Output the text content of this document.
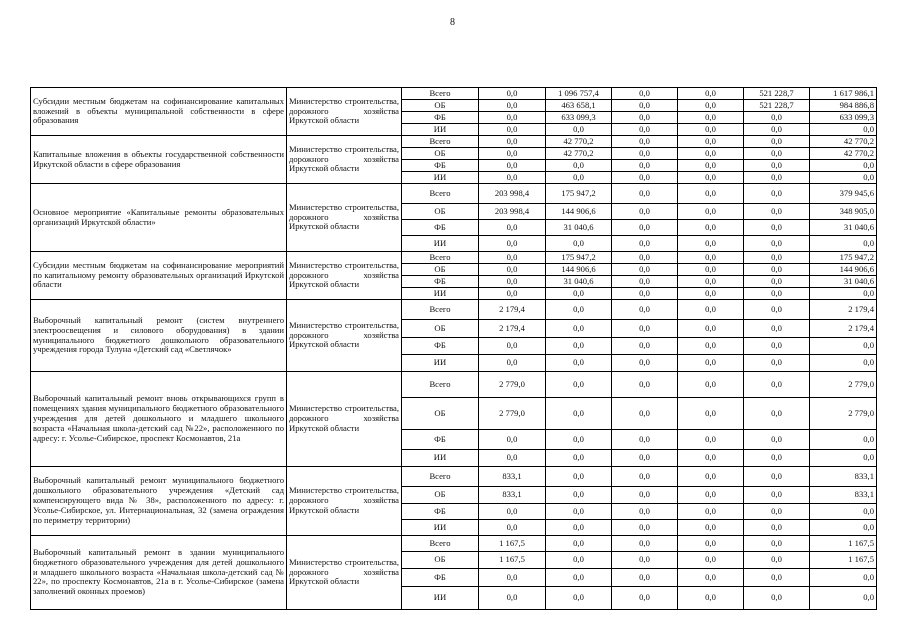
8
Субсидии местным бюджетам на софинансирование капитальных вложений в объекты муниципальной собственности в сфере образования	Министерство строительства, дорожного хозяйства Иркутской области	Всего	0,0	1 096 757,4	0,0	0,0	521 228,7	1 617 986,1
		ОБ	0,0	463 658,1	0,0	0,0	521 228,7	984 886,8
		ФБ	0,0	633 099,3	0,0	0,0	0,0	633 099,3
		ИИ	0,0	0,0	0,0	0,0	0,0	0,0
Капитальные вложения в объекты государственной собственности Иркутской области в сфере образования	Министерство строительства, дорожного хозяйства Иркутской области	Всего	0,0	42 770,2	0,0	0,0	0,0	42 770,2
		ОБ	0,0	42 770,2	0,0	0,0	0,0	42 770,2
		ФБ	0,0	0,0	0,0	0,0	0,0	0,0
		ИИ	0,0	0,0	0,0	0,0	0,0	0,0
Основное мероприятие «Капитальные ремонты образовательных организаций Иркутской области»	Министерство строительства, дорожного хозяйства Иркутской области	Всего	203 998,4	175 947,2	0,0	0,0	0,0	379 945,6
		ОБ	203 998,4	144 906,6	0,0	0,0	0,0	348 905,0
		ФБ	0,0	31 040,6	0,0	0,0	0,0	31 040,6
		ИИ	0,0	0,0	0,0	0,0	0,0	0,0
Субсидии местным бюджетам на софинансирование мероприятий по капитальному ремонту образовательных организаций Иркутской области	Министерство строительства, дорожного хозяйства Иркутской области	Всего	0,0	175 947,2	0,0	0,0	0,0	175 947,2
		ОБ	0,0	144 906,6	0,0	0,0	0,0	144 906,6
		ФБ	0,0	31 040,6	0,0	0,0	0,0	31 040,6
		ИИ	0,0	0,0	0,0	0,0	0,0	0,0
Выборочный капитальный ремонт (систем внутреннего электроосвещения и силового оборудования) в здании муниципального бюджетного дошкольного образовательного учреждения города Тулуна «Детский сад «Светлячок»	Министерство строительства, дорожного хозяйства Иркутской области	Всего	2 179,4	0,0	0,0	0,0	0,0	2 179,4
		ОБ	2 179,4	0,0	0,0	0,0	0,0	2 179,4
		ФБ	0,0	0,0	0,0	0,0	0,0	0,0
		ИИ	0,0	0,0	0,0	0,0	0,0	0,0
Выборочный капитальный ремонт вновь открывающихся групп в помещениях здания муниципального бюджетного образовательного учреждения для детей дошкольного и младшего школьного возраста «Начальная школа-детский сад №22», расположенного по адресу: г. Усолье-Сибирское, проспект Космонавтов, 21а	Министерство строительства, дорожного хозяйства Иркутской области	Всего	2 779,0	0,0	0,0	0,0	0,0	2 779,0
		ОБ	2 779,0	0,0	0,0	0,0	0,0	2 779,0
		ФБ	0,0	0,0	0,0	0,0	0,0	0,0
		ИИ	0,0	0,0	0,0	0,0	0,0	0,0
Выборочный капитальный ремонт муниципального бюджетного дошкольного образовательного учреждения «Детский сад компенсирующего вида № 38», расположенного по адресу: г. Усолье-Сибирское, ул. Интернациональная, 32 (замена ограждения по периметру территории)	Министерство строительства, дорожного хозяйства Иркутской области	Всего	833,1	0,0	0,0	0,0	0,0	833,1
		ОБ	833,1	0,0	0,0	0,0	0,0	833,1
		ФБ	0,0	0,0	0,0	0,0	0,0	0,0
		ИИ	0,0	0,0	0,0	0,0	0,0	0,0
Выборочный капитальный ремонт в здании муниципального бюджетного образовательного учреждения для детей дошкольного и младшего школьного возраста «Начальная школа-детский сад № 22», по проспекту Космонавтов, 21а в г. Усолье-Сибирское (замена заполнений оконных проемов)	Министерство строительства, дорожного хозяйства Иркутской области	Всего	1 167,5	0,0	0,0	0,0	0,0	1 167,5
		ОБ	1 167,5	0,0	0,0	0,0	0,0	1 167,5
		ФБ	0,0	0,0	0,0	0,0	0,0	0,0
		ИИ	0,0	0,0	0,0	0,0	0,0	0,0
